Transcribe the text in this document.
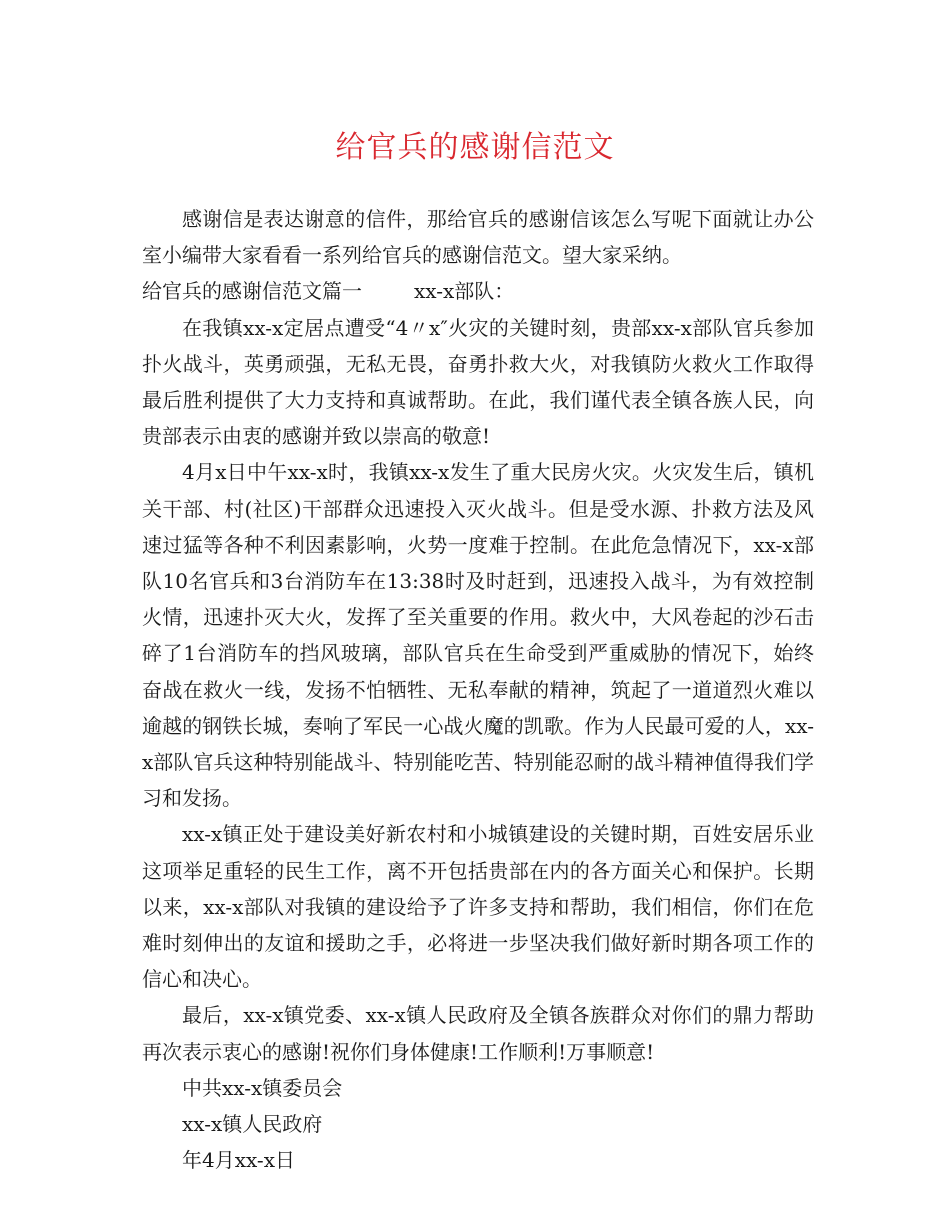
给官兵的感谢信范文

感谢信是表达谢意的信件，那给官兵的感谢信该怎么写呢下面就让办公室小编带大家看看一系列给官兵的感谢信范文。望大家采纳。

给官兵的感谢信范文篇一	xx-x部队：

在我镇xx-x定居点遭受“4〃x″火灾的关键时刻，贵部xx-x部队官兵参加扑火战斗，英勇顽强，无私无畏，奋勇扑救大火，对我镇防火救火工作取得最后胜利提供了大力支持和真诚帮助。在此，我们谨代表全镇各族人民，向贵部表示由衷的感谢并致以崇高的敬意!

4月x日中午xx-x时，我镇xx-x发生了重大民房火灾。火灾发生后，镇机关干部、村(社区)干部群众迅速投入灭火战斗。但是受水源、扑救方法及风速过猛等各种不利因素影响，火势一度难于控制。在此危急情况下，xx-x部队10名官兵和3台消防车在13:38时及时赶到，迅速投入战斗，为有效控制火情，迅速扑灭大火，发挥了至关重要的作用。救火中，大风卷起的沙石击碎了1台消防车的挡风玻璃，部队官兵在生命受到严重威胁的情况下，始终奋战在救火一线，发扬不怕牺牲、无私奉献的精神，筑起了一道道烈火难以逾越的钢铁长城，奏响了军民一心战火魔的凯歌。作为人民最可爱的人，xx-x部队官兵这种特别能战斗、特别能吃苦、特别能忍耐的战斗精神值得我们学习和发扬。

xx-x镇正处于建设美好新农村和小城镇建设的关键时期，百姓安居乐业这项举足重轻的民生工作，离不开包括贵部在内的各方面关心和保护。长期以来，xx-x部队对我镇的建设给予了许多支持和帮助，我们相信，你们在危难时刻伸出的友谊和援助之手，必将进一步坚决我们做好新时期各项工作的信心和决心。

最后，xx-x镇党委、xx-x镇人民政府及全镇各族群众对你们的鼎力帮助再次表示衷心的感谢!祝你们身体健康!工作顺利!万事顺意!

中共xx-x镇委员会

xx-x镇人民政府

年4月xx-x日
